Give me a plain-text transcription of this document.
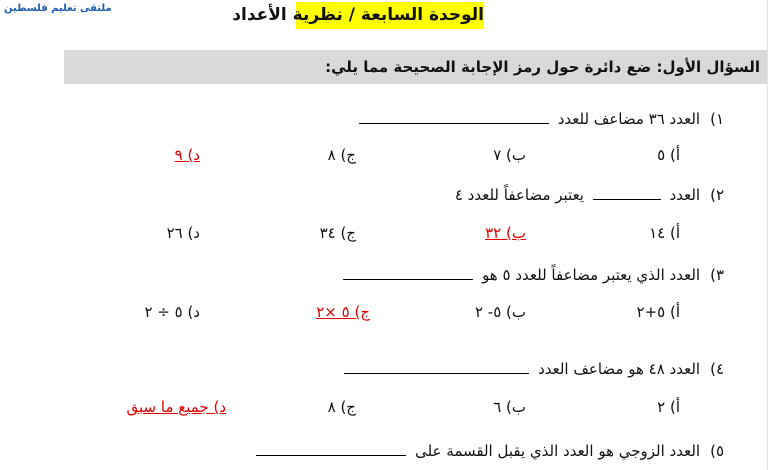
ملتقى تعليم فلسطين	الوحدة السابعة / نظرية الأعداد
السؤال الأول: ضع دائرة حول رمز الإجابة الصحيحة مما يلي:
١)العدد ٣٦ مضاعف للعدد
أ) ٥
ب) ٧
ج) ٨
د) ٩
٢)العدد  يعتبر مضاعفاً للعدد ٤
أ) ١٤
ب) ٣٢
ج) ٣٤
د) ٢٦
٣)العدد الذي يعتبر مضاعفاً للعدد ٥ هو
أ) ٥+٢
ب) ٥- ٢
ج) ٥ ×٢
د) ٥ ÷ ٢
٤)العدد ٤٨ هو مضاعف العدد
أ) ٢
ب) ٦
ج) ٨
د) جميع ما سبق
٥)العدد الزوجي هو العدد الذي يقبل القسمة على
